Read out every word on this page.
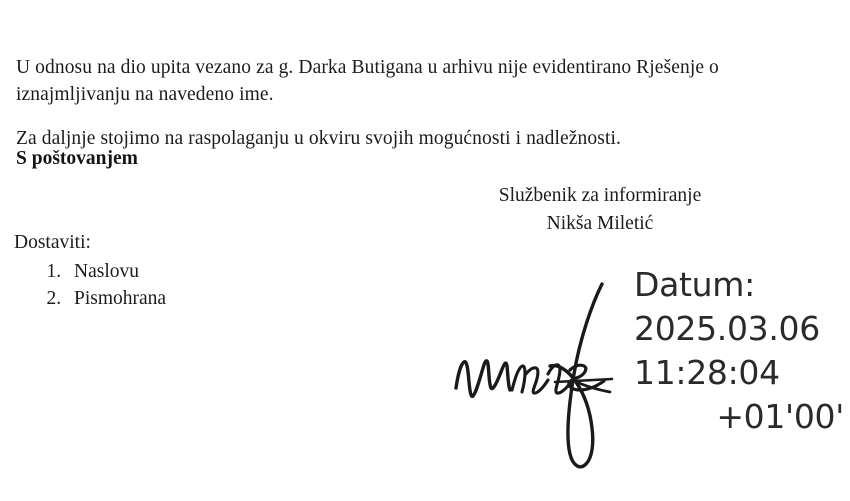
U odnosu na dio upita vezano za g. Darka Butigana u arhivu nije evidentirano Rješenje o iznajmljivanju na navedeno ime.

Za daljnje stojimo na raspolaganju u okviru svojih mogućnosti i nadležnosti.

S poštovanjem
Službenik za informiranje
Nikša Miletić
Dostaviti:
1. Naslovu
2. Pismohrana	Datum:
2025.03.06
11:28:04
+01'00'
